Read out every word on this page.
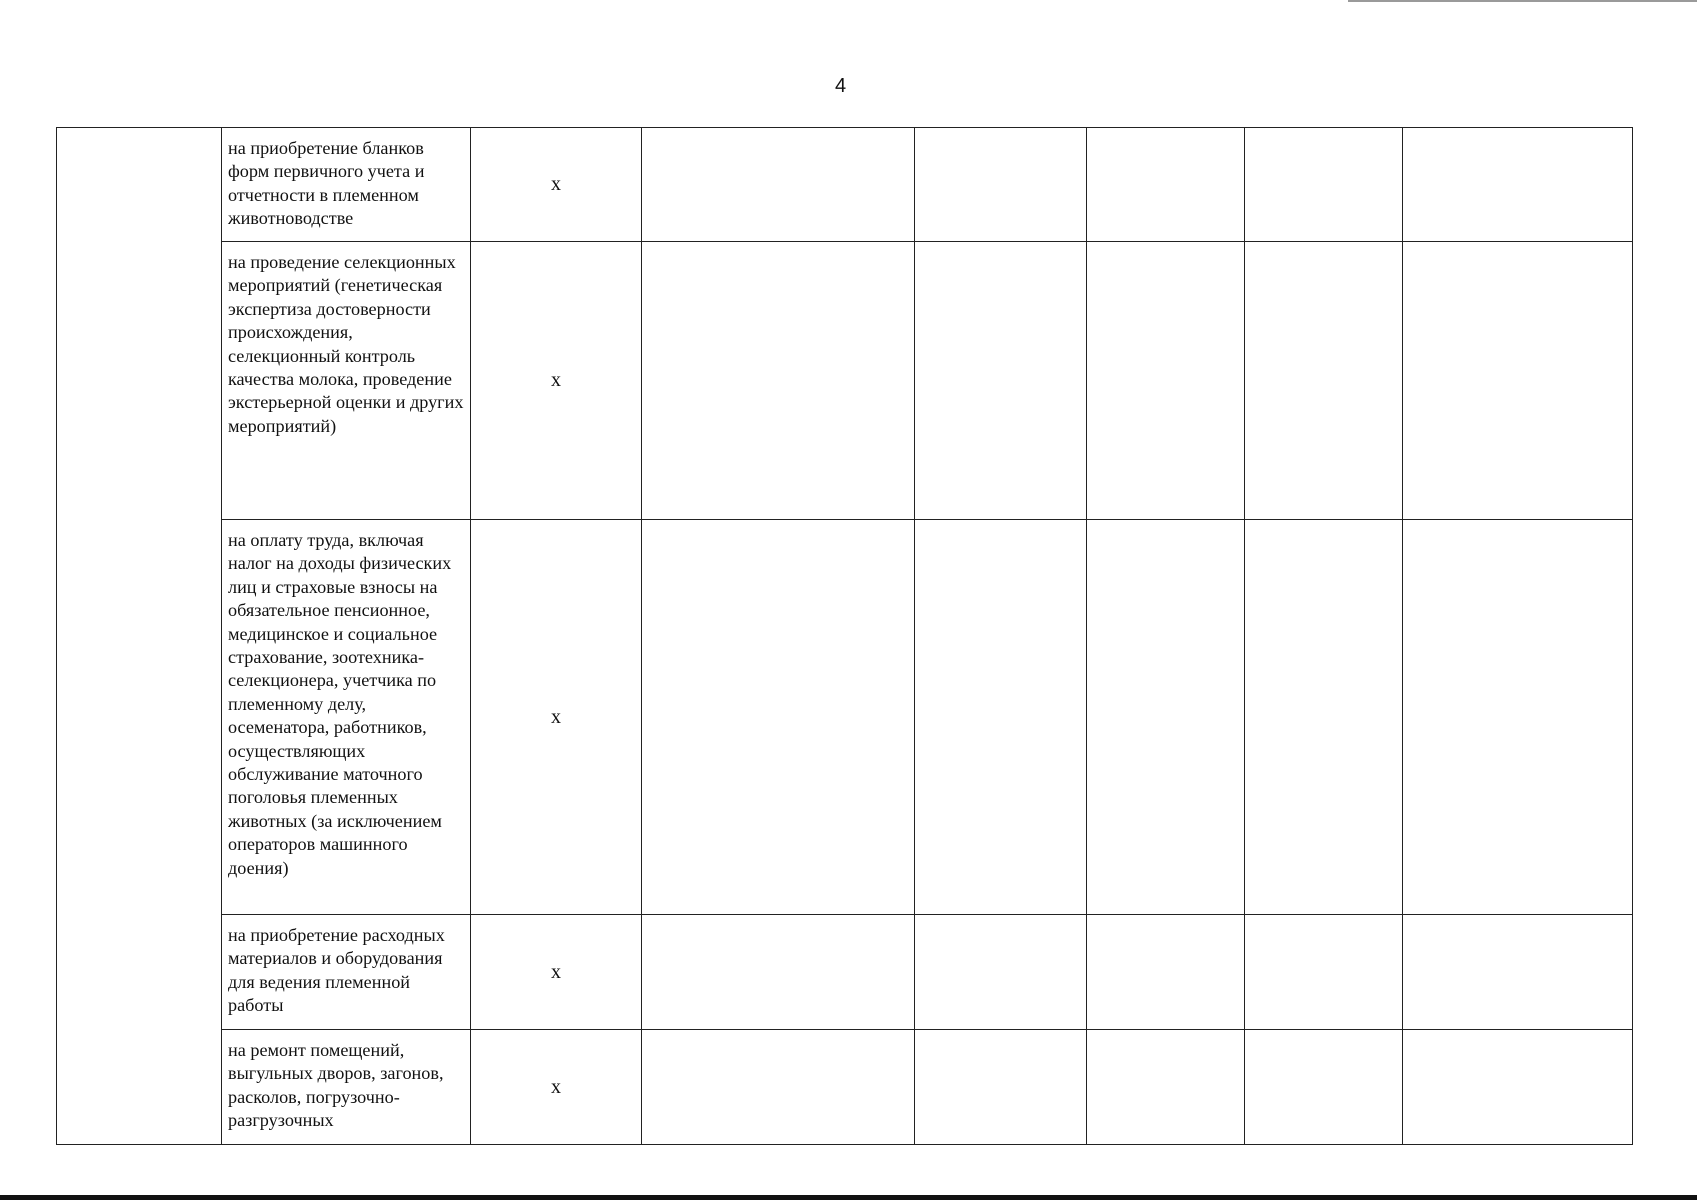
4
	на приобретение бланков форм первичного учета и отчетности в племенном животноводстве	х					
	на проведение селекционных мероприятий (генетическая экспертиза достоверности происхождения, селекционный контроль качества молока, проведение экстерьерной оценки и других мероприятий)	х					
	на оплату труда, включая налог на доходы физических лиц и страховые взносы на обязательное пенсионное, медицинское и социальное страхование, зоотехника-селекционера, учетчика по племенному делу, осеменатора, работников, осуществляющих обслуживание маточного поголовья племенных животных (за исключением операторов машинного доения)	х					
	на приобретение расходных материалов и оборудования для ведения племенной работы	х					
	на ремонт помещений, выгульных дворов, загонов, расколов, погрузочно-разгрузочных	х					
